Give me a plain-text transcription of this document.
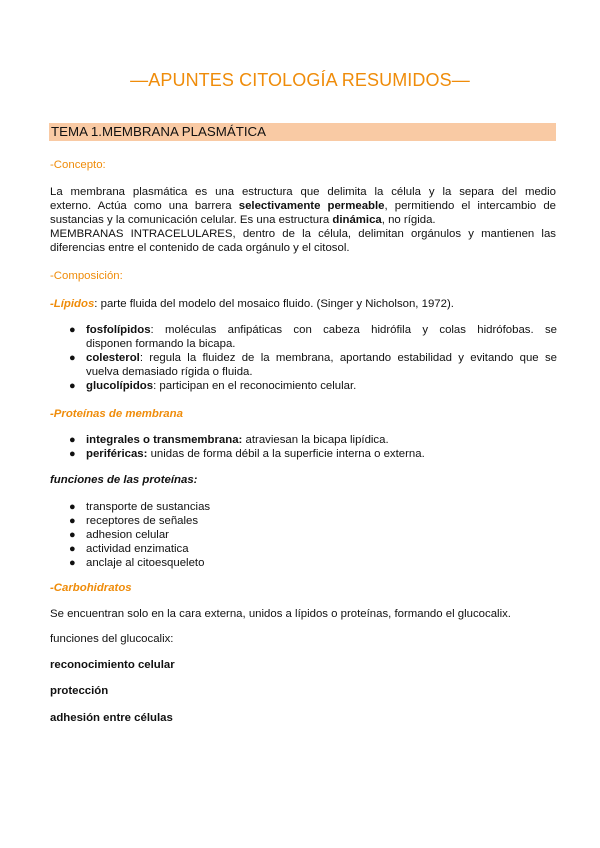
—APUNTES CITOLOGÍA RESUMIDOS—
TEMA 1.MEMBRANA PLASMÁTICA
-Concepto:
La membrana plasmática es una estructura que delimita la célula y la separa del medio
externo. Actúa como una barrera selectivamente permeable, permitiendo el intercambio de
sustancias y la comunicación celular. Es una estructura dinámica, no rígida.
MEMBRANAS INTRACELULARES, dentro de la célula, delimitan orgánulos y mantienen las
diferencias entre el contenido de cada orgánulo y el citosol.
-Composición:
-Lípidos: parte fluida del modelo del mosaico fluido. (Singer y Nicholson, 1972).
● fosfolípidos: moléculas anfipáticas con cabeza hidrófila y colas hidrófobas. se
disponen formando la bicapa.
● colesterol: regula la fluidez de la membrana, aportando estabilidad y evitando que se
vuelva demasiado rígida o fluida.
● glucolípidos: participan en el reconocimiento celular.
-Proteínas de membrana
● integrales o transmembrana: atraviesan la bicapa lipídica.
● periféricas: unidas de forma débil a la superficie interna o externa.
funciones de las proteínas:
● transporte de sustancias
● receptores de señales
● adhesion celular
● actividad enzimatica
● anclaje al citoesqueleto
-Carbohidratos
Se encuentran solo en la cara externa, unidos a lípidos o proteínas, formando el glucocalix.
funciones del glucocalix:
reconocimiento celular
protección
adhesión entre células
